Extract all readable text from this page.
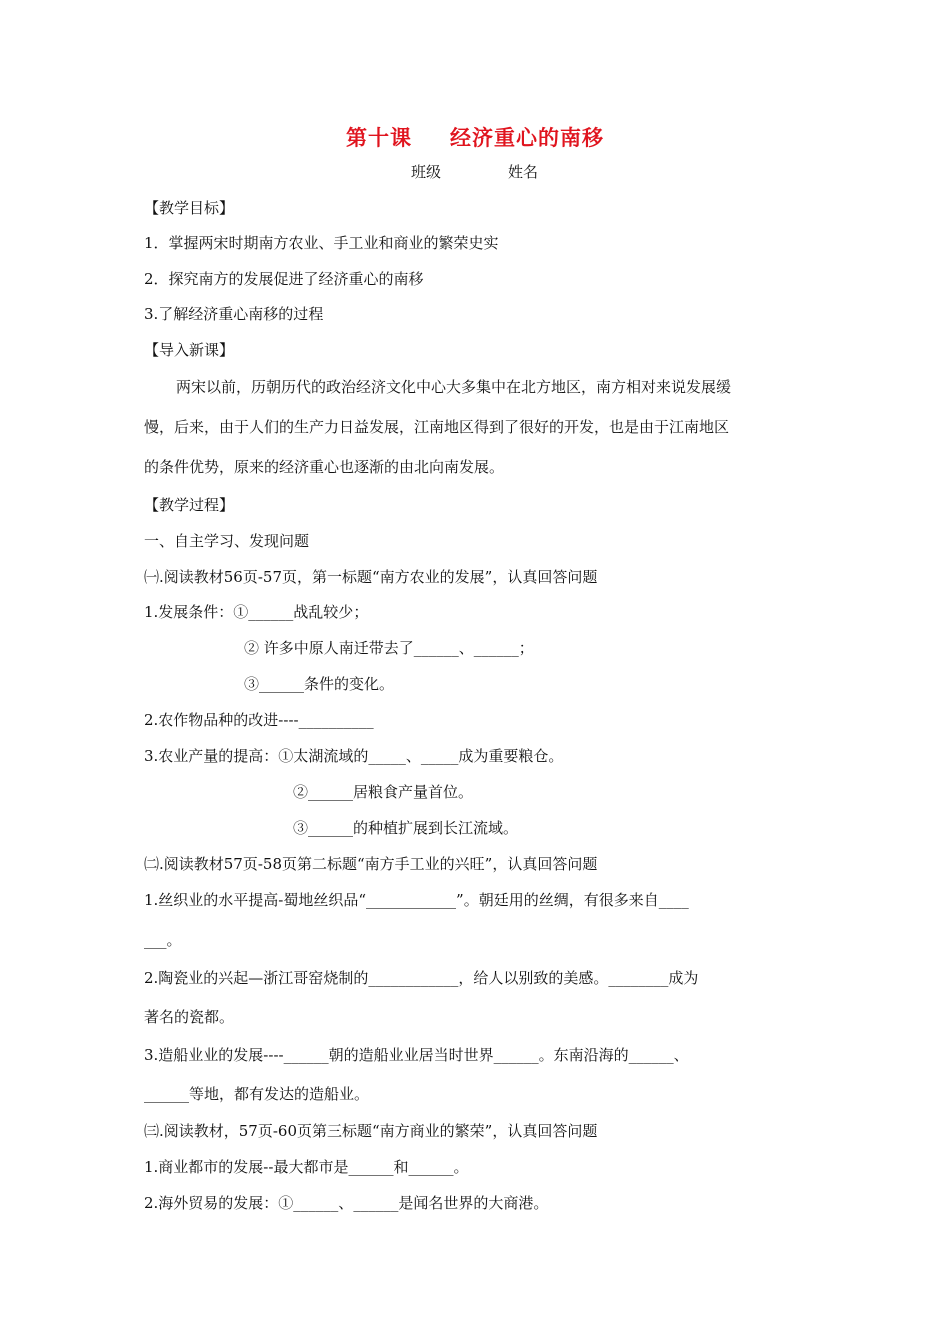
第十课 经济重心的南移
班级	姓名
【教学目标】
1．掌握两宋时期南方农业、手工业和商业的繁荣史实
2．探究南方的发展促进了经济重心的南移
3.了解经济重心南移的过程
【导入新课】
两宋以前，历朝历代的政治经济文化中心大多集中在北方地区，南方相对来说发展缓
慢，后来，由于人们的生产力日益发展，江南地区得到了很好的开发，也是由于江南地区
的条件优势，原来的经济重心也逐渐的由北向南发展。
【教学过程】
一、自主学习、发现问题
㈠.阅读教材56页-57页，第一标题“南方农业的发展”，认真回答问题
1.发展条件：①______战乱较少；
② 许多中原人南迁带去了______、______；
③______条件的变化。
2.农作物品种的改进----__________
3.农业产量的提高：①太湖流域的_____、_____成为重要粮仓。
②______居粮食产量首位。
③______的种植扩展到长江流域。
㈡.阅读教材57页-58页第二标题“南方手工业的兴旺”，认真回答问题
1.丝织业的水平提高-蜀地丝织品“____________”。朝廷用的丝绸，有很多来自____
___。
2.陶瓷业的兴起—浙江哥窑烧制的____________，给人以别致的美感。________成为
著名的瓷都。
3.造船业业的发展----______朝的造船业业居当时世界______。东南沿海的______、
______等地，都有发达的造船业。
㈢.阅读教材，57页-60页第三标题“南方商业的繁荣”，认真回答问题
1.商业都市的发展--最大都市是______和______。
2.海外贸易的发展：①______、______是闻名世界的大商港。
